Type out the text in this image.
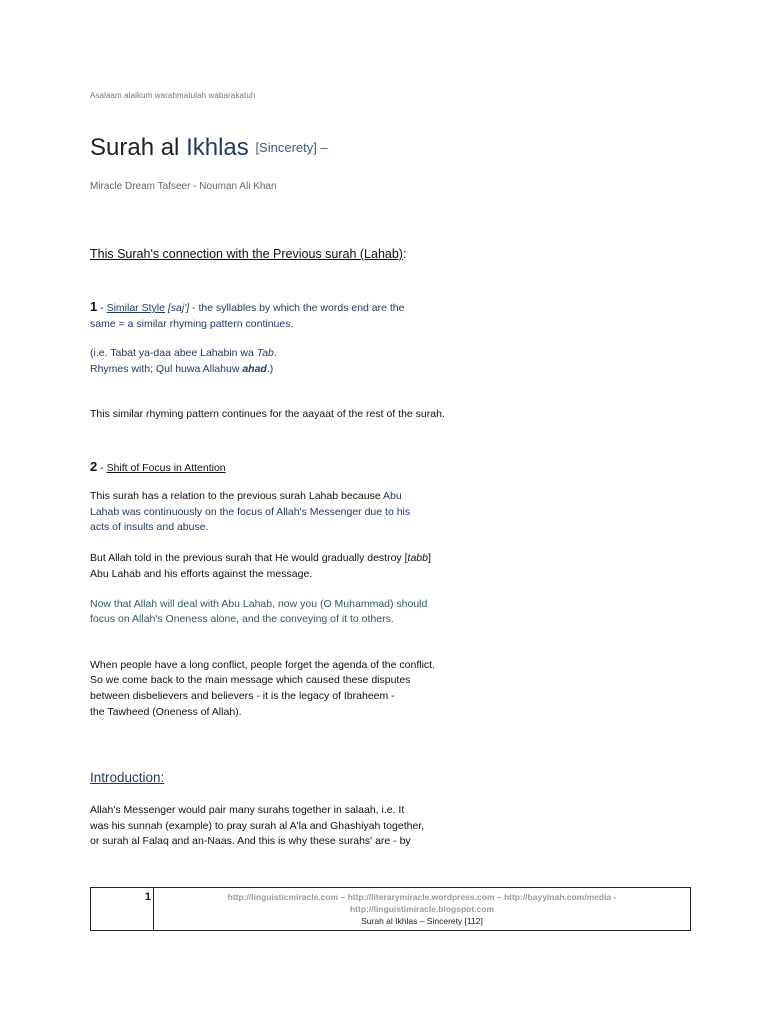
Asalaam alaikum warahmatulah wabarakatuh
Surah al Ikhlas $^{[Sincerety] -}$
Miracle Dream Tafseer - Nouman Ali Khan
This Surah's connection with the Previous surah (Lahab):
1 - Similar Style [saj'] - the syllables by which the words end are the
same = a similar rhyming pattern continues.
(i.e. Tabat ya-daa abee Lahabin wa Tab.
Rhymes with; Qul huwa Allahuw ahad.)
This similar rhyming pattern continues for the aayaat of the rest of the surah.
2 - Shift of Focus in Attention
This surah has a relation to the previous surah Lahab because Abu
Lahab was continuously on the focus of Allah's Messenger due to his
acts of insults and abuse.
But Allah told in the previous surah that He would gradually destroy [tabb]
Abu Lahab and his efforts against the message.
Now that Allah will deal with Abu Lahab, now you (O Muhammad) should
focus on Allah's Oneness alone, and the conveying of it to others.
When people have a long conflict, people forget the agenda of the conflict.
So we come back to the main message which caused these disputes
between disbelievers and believers - it is the legacy of Ibraheem -
the Tawheed (Oneness of Allah).
Introduction:
Allah's Messenger would pair many surahs together in salaah, i.e. It
was his sunnah (example) to pray surah al A'la and Ghashiyah together,
or surah al Falaq and an-Naas. And this is why these surahs' are - by
1	http://linguisticmiracle.com – http://literarymiracle.wordpress.com – http://bayyinah.com/media -
http://linguistimiracle.blogspot.com
Surah al Ikhlas – Sincerety [112]
